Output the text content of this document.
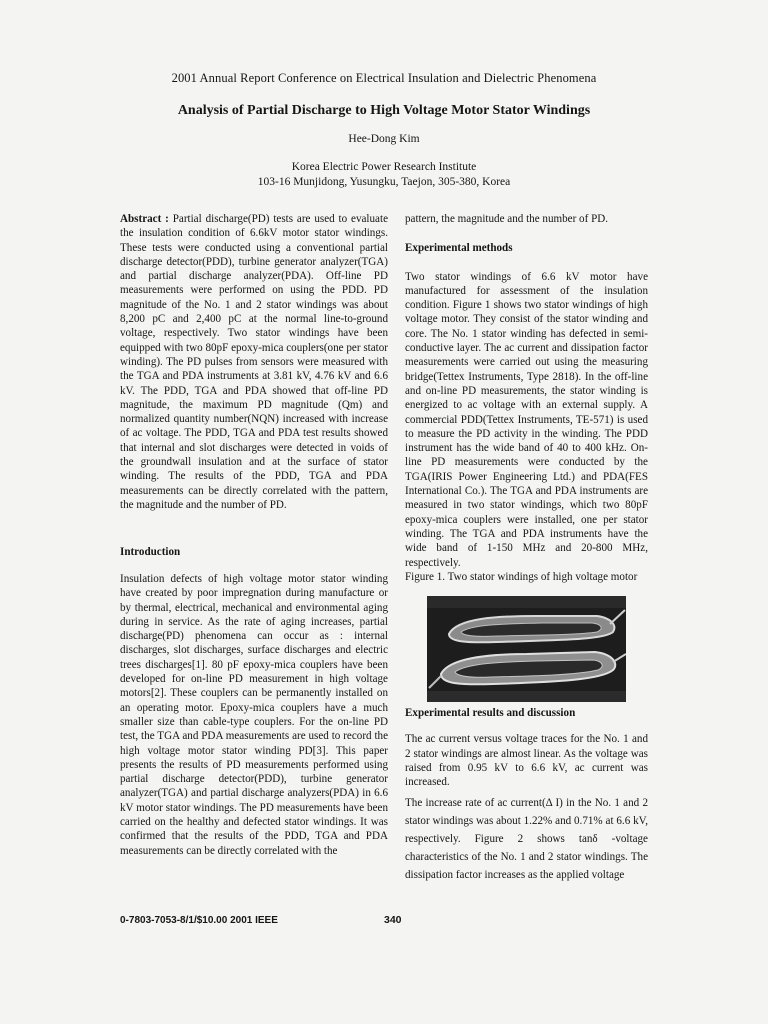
2001 Annual Report Conference on Electrical Insulation and Dielectric Phenomena
Analysis of Partial Discharge to High Voltage Motor Stator Windings
Hee-Dong Kim
Korea Electric Power Research Institute
103-16 Munjidong, Yusungku, Taejon, 305-380, Korea

Abstract : Partial discharge(PD) tests are used to evaluate the insulation condition of 6.6kV motor stator windings. These tests were conducted using a conventional partial discharge detector(PDD), turbine generator analyzer(TGA) and partial discharge analyzer(PDA). Off-line PD measurements were performed on using the PDD. PD magnitude of the No. 1 and 2 stator windings was about 8,200 pC and 2,400 pC at the normal line-to-ground voltage, respectively. Two stator windings have been equipped with two 80pF epoxy-mica couplers(one per stator winding). The PD pulses from sensors were measured with the TGA and PDA instruments at 3.81 kV, 4.76 kV and 6.6 kV. The PDD, TGA and PDA showed that off-line PD magnitude, the maximum PD magnitude (Qm) and normalized quantity number(NQN) increased with increase of ac voltage. The PDD, TGA and PDA test results showed that internal and slot discharges were detected in voids of the groundwall insulation and at the surface of stator winding. The results of the PDD, TGA and PDA measurements can be directly correlated with the pattern, the magnitude and the number of PD.

Introduction

Insulation defects of high voltage motor stator winding have created by poor impregnation during manufacture or by thermal, electrical, mechanical and environmental aging during in service. As the rate of aging increases, partial discharge(PD) phenomena can occur as : internal discharges, slot discharges, surface discharges and electric trees discharges[1]. 80 pF epoxy-mica couplers have been developed for on-line PD measurement in high voltage motors[2]. These couplers can be permanently installed on an operating motor. Epoxy-mica couplers have a much smaller size than cable-type couplers. For the on-line PD test, the TGA and PDA measurements are used to record the high voltage motor stator winding PD[3]. This paper presents the results of PD measurements performed using partial discharge detector(PDD), turbine generator analyzer(TGA) and partial discharge analyzers(PDA) in 6.6 kV motor stator windings. The PD measurements have been carried on the healthy and defected stator windings. It was confirmed that the results of the PDD, TGA and PDA measurements can be directly correlated with the

pattern, the magnitude and the number of PD.

Experimental methods

Two stator windings of 6.6 kV motor have manufactured for assessment of the insulation condition. Figure 1 shows two stator windings of high voltage motor. They consist of the stator winding and core. The No. 1 stator winding has defected in semi-conductive layer. The ac current and dissipation factor measurements were carried out using the measuring bridge(Tettex Instruments, Type 2818). In the off-line and on-line PD measurements, the stator winding is energized to ac voltage with an external supply. A commercial PDD(Tettex Instruments, TE-571) is used to measure the PD activity in the winding. The PDD instrument has the wide band of 40 to 400 kHz. On-line PD measurements were conducted by the TGA(IRIS Power Engineering Ltd.) and PDA(FES International Co.). The TGA and PDA instruments are measured in two stator windings, which two 80pF epoxy-mica couplers were installed, one per stator winding. The TGA and PDA instruments have the wide band of 1-150 MHz and 20-800 MHz, respectively.

Figure 1. Two stator windings of high voltage motor

Experimental results and discussion

The ac current versus voltage traces for the No. 1 and 2 stator windings are almost linear. As the voltage was raised from 0.95 kV to 6.6 kV, ac current was increased.

The increase rate of ac current(Δ I) in the No. 1 and 2 stator windings was about 1.22% and 0.71% at 6.6 kV, respectively. Figure 2 shows tanδ -voltage characteristics of the No. 1 and 2 stator windings. The dissipation factor increases as the applied voltage

0-7803-7053-8/1/$10.00 2001 IEEE	340
